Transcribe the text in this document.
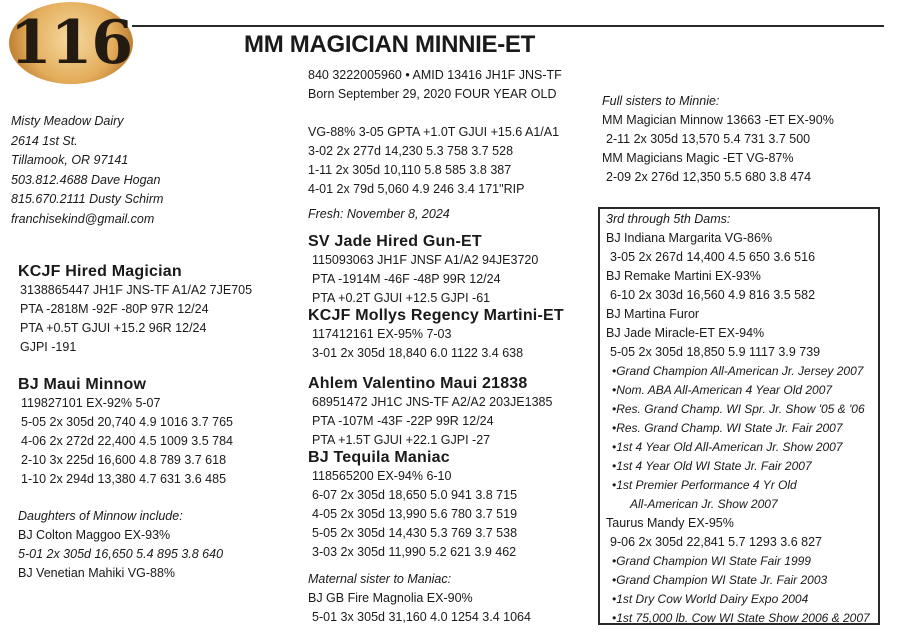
116	MM MAGICIAN MINNIE-ET
840 3222005960 • AMID 13416 JH1F JNS-TF
Born September 29, 2020 FOUR YEAR OLD
Misty Meadow Dairy
2614 1st St.
Tillamook, OR 97141
503.812.4688 Dave Hogan
815.670.2111 Dusty Schirm
franchisekind@gmail.com
VG-88% 3-05 GPTA +1.0T GJUI +15.6 A1/A1
3-02 2x 277d 14,230 5.3 758 3.7 528
1-11 2x 305d 10,110 5.8 585 3.8 387
4-01 2x 79d 5,060 4.9 246 3.4 171"RIP
Fresh: November 8, 2024
Full sisters to Minnie:
MM Magician Minnow 13663 -ET EX-90%
2-11 2x 305d 13,570 5.4 731 3.7 500
MM Magicians Magic -ET VG-87%
2-09 2x 276d 12,350 5.5 680 3.8 474
KCJF Hired Magician
3138865447 JH1F JNS-TF A1/A2 7JE705
PTA -2818M -92F -80P 97R 12/24
PTA +0.5T GJUI +15.2 96R 12/24
GJPI -191
BJ Maui Minnow
119827101 EX-92% 5-07
5-05 2x 305d 20,740 4.9 1016 3.7 765
4-06 2x 272d 22,400 4.5 1009 3.5 784
2-10 3x 225d 16,600 4.8 789 3.7 618
1-10 2x 294d 13,380 4.7 631 3.6 485
Daughters of Minnow include:
BJ Colton Maggoo EX-93%
5-01 2x 305d 16,650 5.4 895 3.8 640
BJ Venetian Mahiki VG-88%
SV Jade Hired Gun-ET
115093063 JH1F JNSF A1/A2 94JE3720
PTA -1914M -46F -48P 99R 12/24
PTA +0.2T GJUI +12.5 GJPI -61
KCJF Mollys Regency Martini-ET
117412161 EX-95% 7-03
3-01 2x 305d 18,840 6.0 1122 3.4 638
Ahlem Valentino Maui 21838
68951472 JH1C JNS-TF A2/A2 203JE1385
PTA -107M -43F -22P 99R 12/24
PTA +1.5T GJUI +22.1 GJPI -27
BJ Tequila Maniac
118565200 EX-94% 6-10
6-07 2x 305d 18,650 5.0 941 3.8 715
4-05 2x 305d 13,990 5.6 780 3.7 519
5-05 2x 305d 14,430 5.3 769 3.7 538
3-03 2x 305d 11,990 5.2 621 3.9 462
Maternal sister to Maniac:
BJ GB Fire Magnolia EX-90%
5-01 3x 305d 31,160 4.0 1254 3.4 1064
3rd through 5th Dams:
BJ Indiana Margarita VG-86%
3-05 2x 267d 14,400 4.5 650 3.6 516
BJ Remake Martini EX-93%
6-10 2x 303d 16,560 4.9 816 3.5 582
BJ Martina Furor
BJ Jade Miracle-ET EX-94%
5-05 2x 305d 18,850 5.9 1117 3.9 739
•Grand Champion All-American Jr. Jersey 2007
•Nom. ABA All-American 4 Year Old 2007
•Res. Grand Champ. WI Spr. Jr. Show '05 & '06
•Res. Grand Champ. WI State Jr. Fair 2007
•1st 4 Year Old All-American Jr. Show 2007
•1st 4 Year Old WI State Jr. Fair 2007
•1st Premier Performance 4 Yr Old
All-American Jr. Show 2007
Taurus Mandy EX-95%
9-06 2x 305d 22,841 5.7 1293 3.6 827
•Grand Champion WI State Fair 1999
•Grand Champion WI State Jr. Fair 2003
•1st Dry Cow World Dairy Expo 2004
•1st 75,000 lb. Cow WI State Show 2006 & 2007
